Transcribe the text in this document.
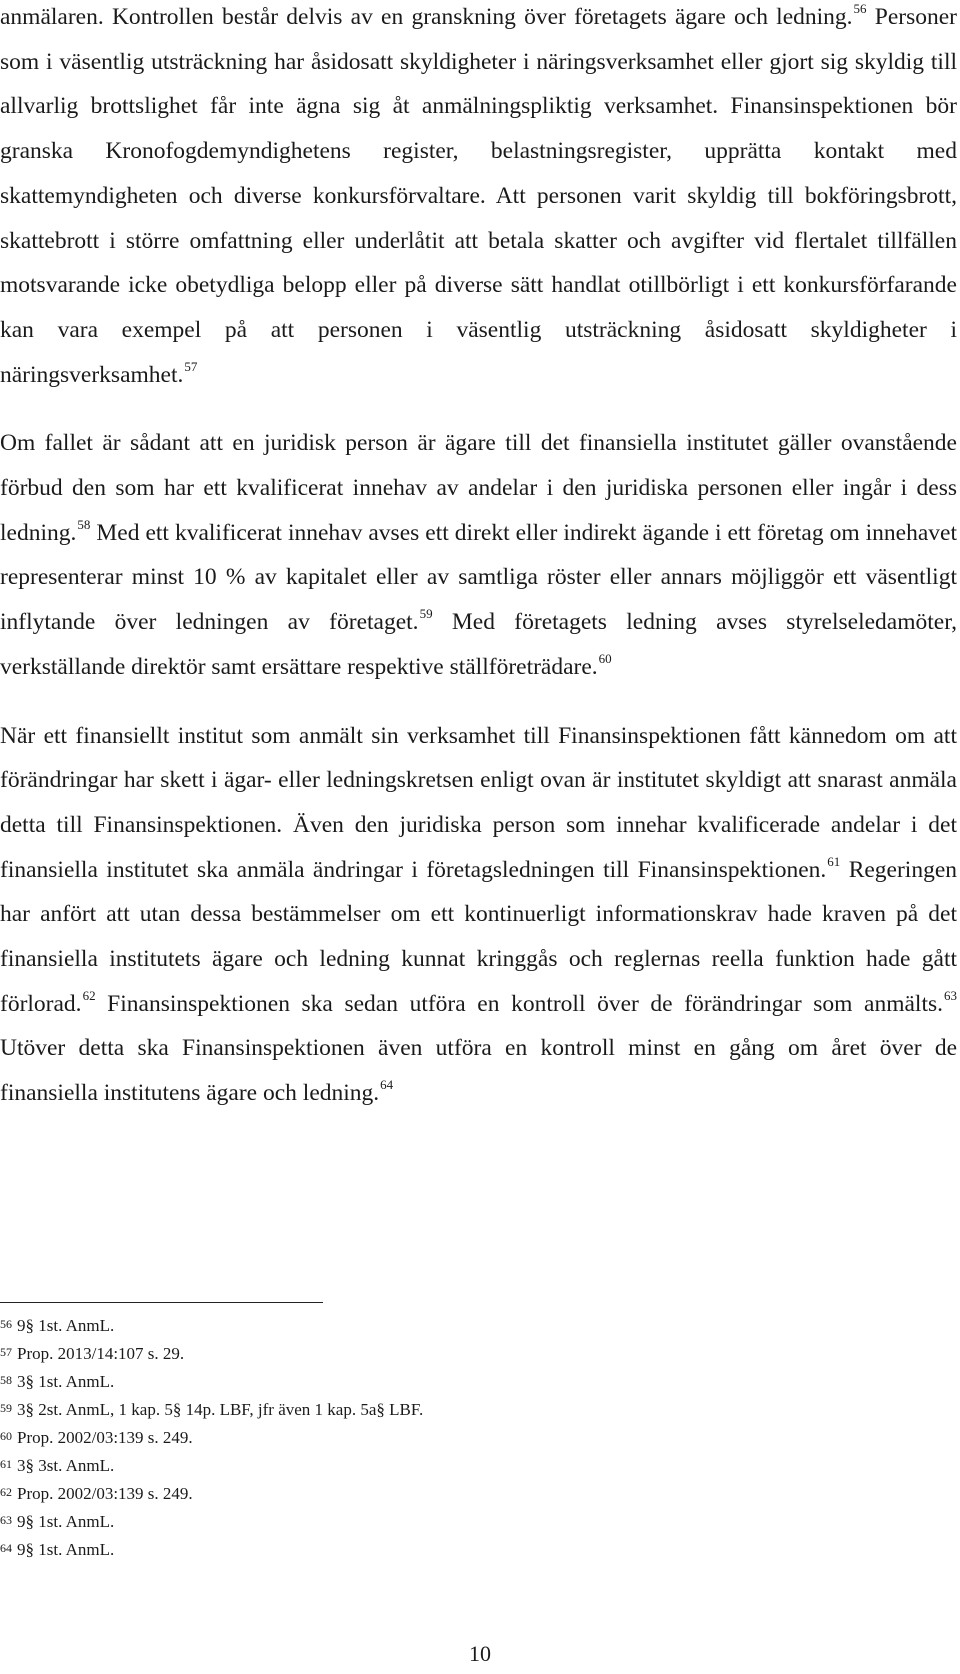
anmälaren. Kontrollen består delvis av en granskning över företagets ägare och ledning.$^{56}$ Personer som i väsentlig utsträckning har åsidosatt skyldigheter i näringsverksamhet eller gjort sig skyldig till allvarlig brottslighet får inte ägna sig åt anmälningspliktig verksamhet. Finansinspektionen bör granska Kronofogdemyndighetens register, belastningsregister, upprätta kontakt med skattemyndigheten och diverse konkursförvaltare. Att personen varit skyldig till bokföringsbrott, skattebrott i större omfattning eller underlåtit att betala skatter och avgifter vid flertalet tillfällen motsvarande icke obetydliga belopp eller på diverse sätt handlat otillbörligt i ett konkursförfarande kan vara exempel på att personen i väsentlig utsträckning åsidosatt skyldigheter i näringsverksamhet.$^{57}$

Om fallet är sådant att en juridisk person är ägare till det finansiella institutet gäller ovanstående förbud den som har ett kvalificerat innehav av andelar i den juridiska personen eller ingår i dess ledning.$^{58}$ Med ett kvalificerat innehav avses ett direkt eller indirekt ägande i ett företag om innehavet representerar minst 10 % av kapitalet eller av samtliga röster eller annars möjliggör ett väsentligt inflytande över ledningen av företaget.$^{59}$ Med företagets ledning avses styrelseledamöter, verkställande direktör samt ersättare respektive ställföreträdare.$^{60}$

När ett finansiellt institut som anmält sin verksamhet till Finansinspektionen fått kännedom om att förändringar har skett i ägar- eller ledningskretsen enligt ovan är institutet skyldigt att snarast anmäla detta till Finansinspektionen. Även den juridiska person som innehar kvalificerade andelar i det finansiella institutet ska anmäla ändringar i företagsledningen till Finansinspektionen.$^{61}$ Regeringen har anfört att utan dessa bestämmelser om ett kontinuerligt informationskrav hade kraven på det finansiella institutets ägare och ledning kunnat kringgås och reglernas reella funktion hade gått förlorad.$^{62}$ Finansinspektionen ska sedan utföra en kontroll över de förändringar som anmälts.$^{63}$ Utöver detta ska Finansinspektionen även utföra en kontroll minst en gång om året över de finansiella institutens ägare och ledning.$^{64}$

56 9§ 1st. AnmL.
57 Prop. 2013/14:107 s. 29.
58 3§ 1st. AnmL.
59 3§ 2st. AnmL, 1 kap. 5§ 14p. LBF, jfr även 1 kap. 5a§ LBF.
60 Prop. 2002/03:139 s. 249.
61 3§ 3st. AnmL.
62 Prop. 2002/03:139 s. 249.
63 9§ 1st. AnmL.
64 9§ 1st. AnmL.
10
